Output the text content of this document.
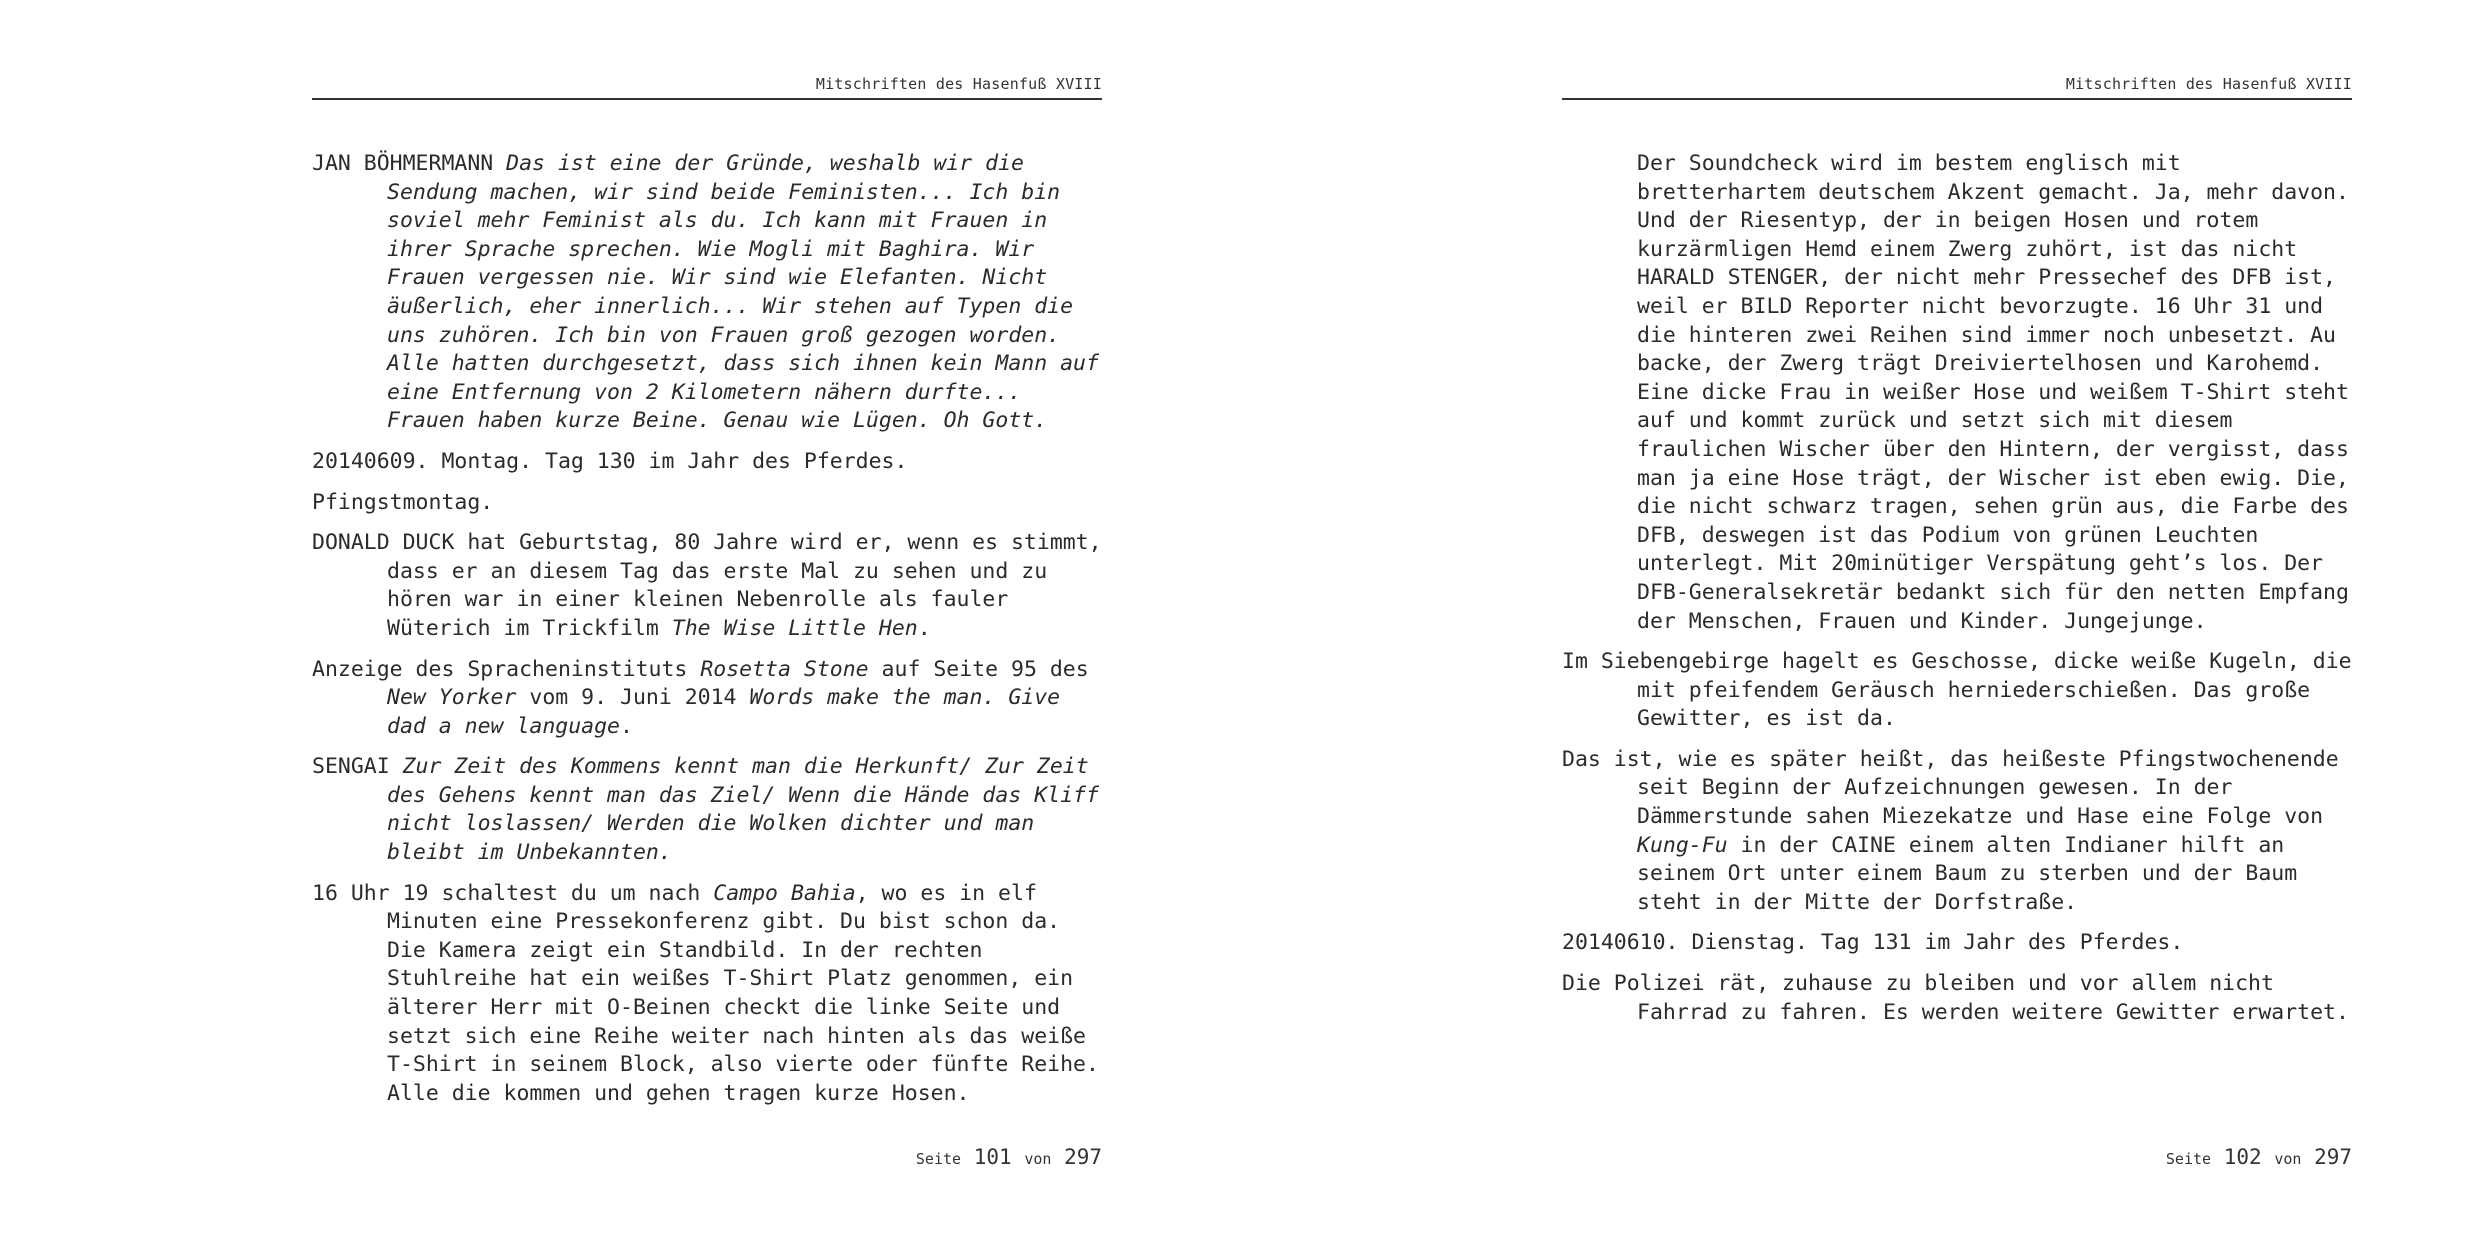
Mitschriften des Hasenfuß XVIII

JAN BÖHMERMANN Das ist eine der Gründe, weshalb wir die Sendung machen, wir sind beide Feministen... Ich bin soviel mehr Feminist als du. Ich kann mit Frauen in ihrer Sprache sprechen. Wie Mogli mit Baghira. Wir Frauen vergessen nie. Wir sind wie Elefanten. Nicht äußerlich, eher innerlich... Wir stehen auf Typen die uns zuhören. Ich bin von Frauen groß gezogen worden. Alle hatten durchgesetzt, dass sich ihnen kein Mann auf eine Entfernung von 2 Kilometern nähern durfte... Frauen haben kurze Beine. Genau wie Lügen. Oh Gott.

20140609. Montag. Tag 130 im Jahr des Pferdes.

Pfingstmontag.

DONALD DUCK hat Geburtstag, 80 Jahre wird er, wenn es stimmt, dass er an diesem Tag das erste Mal zu sehen und zu hören war in einer kleinen Nebenrolle als fauler Wüterich im Trickfilm The Wise Little Hen.

Anzeige des Spracheninstituts Rosetta Stone auf Seite 95 des New Yorker vom 9. Juni 2014 Words make the man. Give dad a new language.

SENGAI Zur Zeit des Kommens kennt man die Herkunft/ Zur Zeit des Gehens kennt man das Ziel/ Wenn die Hände das Kliff nicht loslassen/ Werden die Wolken dichter und man bleibt im Unbekannten.

16 Uhr 19 schaltest du um nach Campo Bahia, wo es in elf Minuten eine Pressekonferenz gibt. Du bist schon da. Die Kamera zeigt ein Standbild. In der rechten Stuhlreihe hat ein weißes T-Shirt Platz genommen, ein älterer Herr mit O-Beinen checkt die linke Seite und setzt sich eine Reihe weiter nach hinten als das weiße T-Shirt in seinem Block, also vierte oder fünfte Reihe. Alle die kommen und gehen tragen kurze Hosen.

Seite 101 von 297
Mitschriften des Hasenfuß XVIII

Der Soundcheck wird im bestem englisch mit bretterhartem deutschem Akzent gemacht. Ja, mehr davon. Und der Riesentyp, der in beigen Hosen und rotem kurzärmligen Hemd einem Zwerg zuhört, ist das nicht HARALD STENGER, der nicht mehr Pressechef des DFB ist, weil er BILD Reporter nicht bevorzugte. 16 Uhr 31 und die hinteren zwei Reihen sind immer noch unbesetzt. Au backe, der Zwerg trägt Dreiviertelhosen und Karohemd. Eine dicke Frau in weißer Hose und weißem T-Shirt steht auf und kommt zurück und setzt sich mit diesem fraulichen Wischer über den Hintern, der vergisst, dass man ja eine Hose trägt, der Wischer ist eben ewig. Die, die nicht schwarz tragen, sehen grün aus, die Farbe des DFB, deswegen ist das Podium von grünen Leuchten unterlegt. Mit 20minütiger Verspätung geht’s los. Der DFB-Generalsekretär bedankt sich für den netten Empfang der Menschen, Frauen und Kinder. Jungejunge.

Im Siebengebirge hagelt es Geschosse, dicke weiße Kugeln, die mit pfeifendem Geräusch herniederschießen. Das große Gewitter, es ist da.

Das ist, wie es später heißt, das heißeste Pfingstwochenende seit Beginn der Aufzeichnungen gewesen. In der Dämmerstunde sahen Miezekatze und Hase eine Folge von Kung-Fu in der CAINE einem alten Indianer hilft an seinem Ort unter einem Baum zu sterben und der Baum steht in der Mitte der Dorfstraße.

20140610. Dienstag. Tag 131 im Jahr des Pferdes.

Die Polizei rät, zuhause zu bleiben und vor allem nicht Fahrrad zu fahren. Es werden weitere Gewitter erwartet.

Seite 102 von 297
